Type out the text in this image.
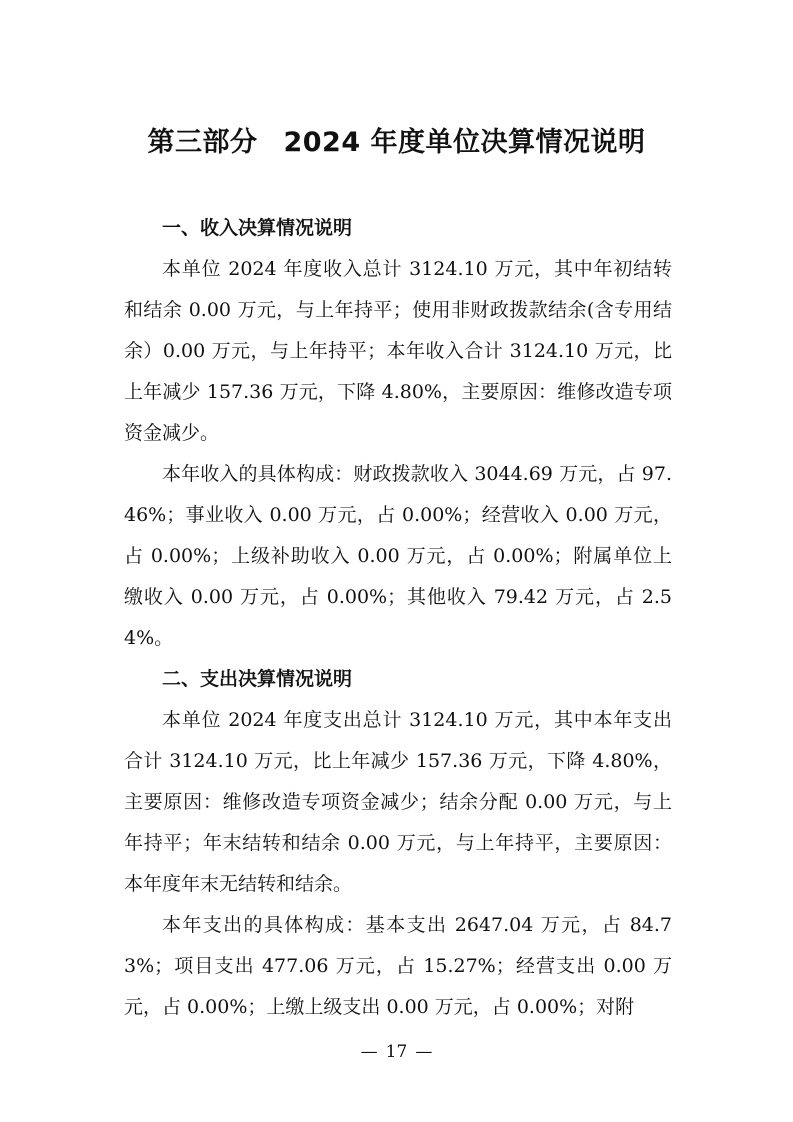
第三部分 2024 年度单位决算情况说明
一、收入决算情况说明

本单位 2024 年度收入总计 3124.10 万元，其中年初结转和结余 0.00 万元，与上年持平；使用非财政拨款结余(含专用结余）0.00 万元，与上年持平；本年收入合计 3124.10 万元，比上年减少 157.36 万元，下降 4.80%，主要原因：维修改造专项资金减少。

本年收入的具体构成：财政拨款收入 3044.69 万元，占 97.46%；事业收入 0.00 万元，占 0.00%；经营收入 0.00 万元，占 0.00%；上级补助收入 0.00 万元，占 0.00%；附属单位上缴收入 0.00 万元，占 0.00%；其他收入 79.42 万元，占 2.54%。

二、支出决算情况说明

本单位 2024 年度支出总计 3124.10 万元，其中本年支出合计 3124.10 万元，比上年减少 157.36 万元，下降 4.80%，主要原因：维修改造专项资金减少；结余分配 0.00 万元，与上年持平；年末结转和结余 0.00 万元，与上年持平，主要原因：本年度年末无结转和结余。

本年支出的具体构成：基本支出 2647.04 万元，占 84.73%；项目支出 477.06 万元，占 15.27%；经营支出 0.00 万元，占 0.00%；上缴上级支出 0.00 万元，占 0.00%；对附

— 17 —
